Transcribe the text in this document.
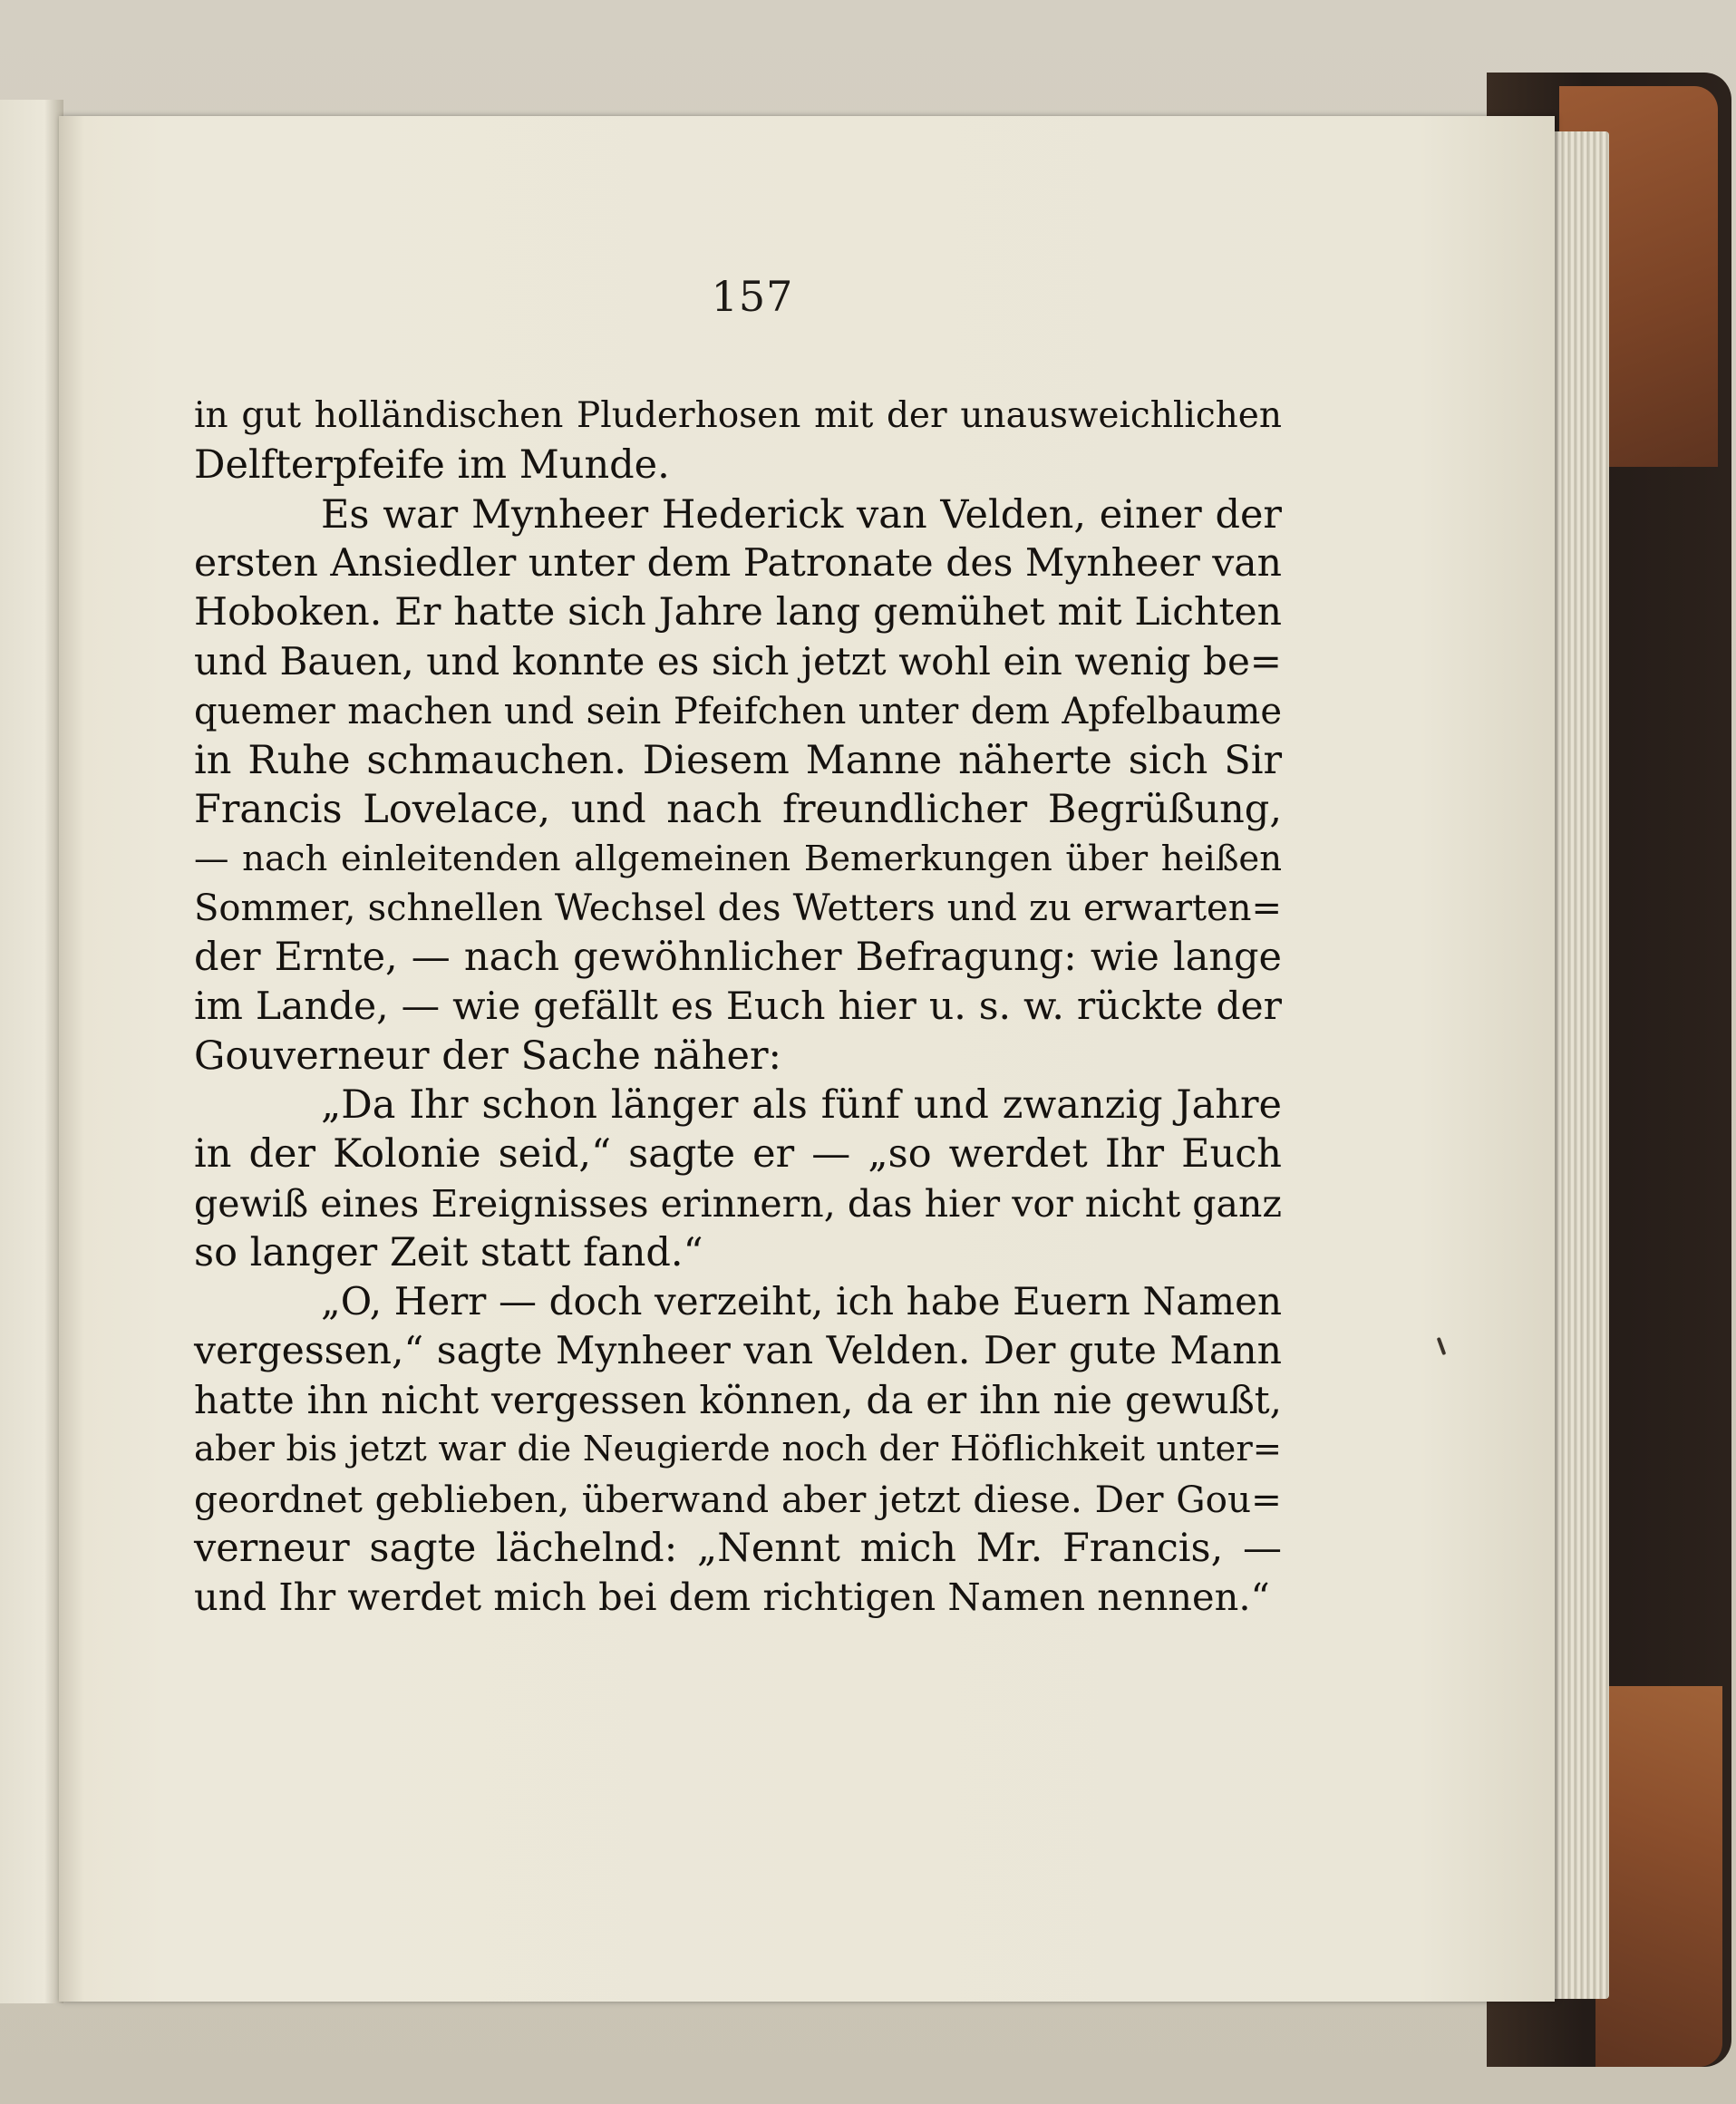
157
in gut holländischen Pluderhosen mit der unausweichlichen
Delfterpfeife im Munde.
Es war Mynheer Hederick van Velden, einer der
ersten Ansiedler unter dem Patronate des Mynheer van
Hoboken. Er hatte sich Jahre lang gemühet mit Lichten
und Bauen, und konnte es sich jetzt wohl ein wenig be=
quemer machen und sein Pfeifchen unter dem Apfelbaume
in Ruhe schmauchen. Diesem Manne näherte sich Sir
Francis Lovelace, und nach freundlicher Begrüßung,
— nach einleitenden allgemeinen Bemerkungen über heißen
Sommer, schnellen Wechsel des Wetters und zu erwarten=
der Ernte, — nach gewöhnlicher Befragung: wie lange
im Lande, — wie gefällt es Euch hier u. s. w. rückte der
Gouverneur der Sache näher:
„Da Ihr schon länger als fünf und zwanzig Jahre
in der Kolonie seid,“ sagte er — „so werdet Ihr Euch
gewiß eines Ereignisses erinnern, das hier vor nicht ganz
so langer Zeit statt fand.“
„O, Herr — doch verzeiht, ich habe Euern Namen
vergessen,“ sagte Mynheer van Velden. Der gute Mann
hatte ihn nicht vergessen können, da er ihn nie gewußt,
aber bis jetzt war die Neugierde noch der Höflichkeit unter=
geordnet geblieben, überwand aber jetzt diese. Der Gou=
verneur sagte lächelnd: „Nennt mich Mr. Francis, —
und Ihr werdet mich bei dem richtigen Namen nennen.“
